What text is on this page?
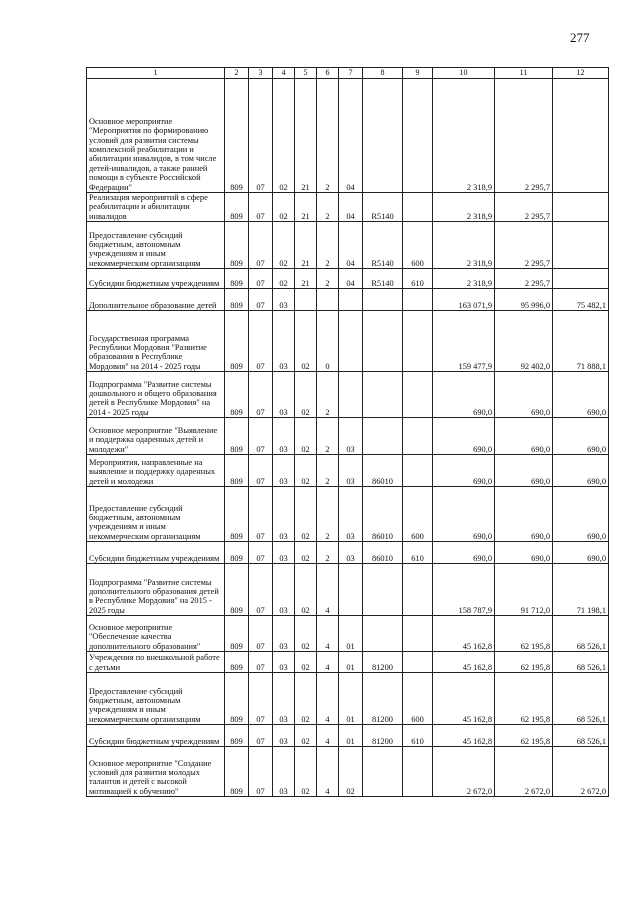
277
1	2	3	4	5	6	7	8	9	10	11	12
Основное мероприятие "Мероприятия по формированию условий для развития системы комплексной реабилитации и абилитации инвалидов, в том числе детей-инвалидов, а также ранней помощи в субъекте Российской Федерации"	809	07	02	21	2	04			2 318,9	2 295,7	
Реализация мероприятий в сфере реабилитации и абилитации инвалидов	809	07	02	21	2	04	R5140		2 318,9	2 295,7	
Предоставление субсидий бюджетным, автономным учреждениям и иным некоммерческим организациям	809	07	02	21	2	04	R5140	600	2 318,9	2 295,7	
Субсидии бюджетным учреждениям	809	07	02	21	2	04	R5140	610	2 318,9	2 295,7	
Дополнительное образование детей	809	07	03						163 071,9	95 996,0	75 482,1
Государственная программа Республики Мордовия "Развитие образования в Республике Мордовия" на 2014 - 2025 годы	809	07	03	02	0				159 477,9	92 402,0	71 888,1
Подпрограмма "Развитие системы дошкольного и общего образования детей в Республике Мордовия" на 2014 - 2025 годы	809	07	03	02	2				690,0	690,0	690,0
Основное мероприятие "Выявление и поддержка одаренных детей и молодежи"	809	07	03	02	2	03			690,0	690,0	690,0
Мероприятия, направленные на выявление и поддержку одаренных детей и молодежи	809	07	03	02	2	03	86010		690,0	690,0	690,0
Предоставление субсидий бюджетным, автономным учреждениям и иным некоммерческим организациям	809	07	03	02	2	03	86010	600	690,0	690,0	690,0
Субсидии бюджетным учреждениям	809	07	03	02	2	03	86010	610	690,0	690,0	690,0
Подпрограмма "Развитие системы дополнительного образования детей в Республике Мордовия" на 2015 - 2025 годы	809	07	03	02	4				158 787,9	91 712,0	71 198,1
Основное мероприятие "Обеспечение качества дополнительного образования"	809	07	03	02	4	01			45 162,8	62 195,8	68 526,1
Учреждения по внешкольной работе с детьми	809	07	03	02	4	01	81200		45 162,8	62 195,8	68 526,1
Предоставление субсидий бюджетным, автономным учреждениям и иным некоммерческим организациям	809	07	03	02	4	01	81200	600	45 162,8	62 195,8	68 526,1
Субсидии бюджетным учреждениям	809	07	03	02	4	01	81200	610	45 162,8	62 195,8	68 526,1
Основное мероприятие "Создание условий для развития молодых талантов и детей с высокой мотивацией к обучению"	809	07	03	02	4	02			2 672,0	2 672,0	2 672,0
